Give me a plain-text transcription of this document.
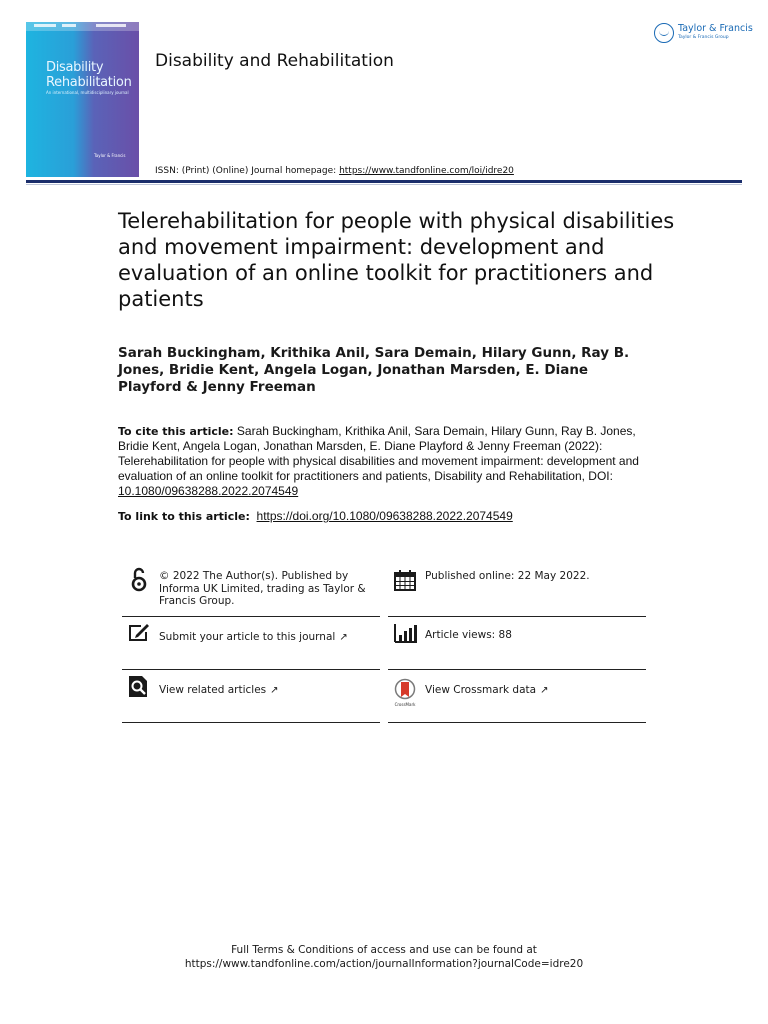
Disability
Rehabilitation
An international, multidisciplinary journal
Taylor & Francis
Disability and Rehabilitation
Taylor & Francis
Taylor & Francis Group
ISSN: (Print) (Online) Journal homepage: https://www.tandfonline.com/loi/idre20
Telerehabilitation for people with physical disabilities and movement impairment: development and evaluation of an online toolkit for practitioners and patients

Sarah Buckingham, Krithika Anil, Sara Demain, Hilary Gunn, Ray B. Jones, Bridie Kent, Angela Logan, Jonathan Marsden, E. Diane Playford & Jenny Freeman

To cite this article: Sarah Buckingham, Krithika Anil, Sara Demain, Hilary Gunn, Ray B. Jones, Bridie Kent, Angela Logan, Jonathan Marsden, E. Diane Playford & Jenny Freeman (2022): Telerehabilitation for people with physical disabilities and movement impairment: development and evaluation of an online toolkit for practitioners and patients, Disability and Rehabilitation, DOI: 10.1080/09638288.2022.2074549
To link to this article: https://doi.org/10.1080/09638288.2022.2074549
© 2022 The Author(s). Published by Informa UK Limited, trading as Taylor & Francis Group.
Published online: 22 May 2022.
Submit your article to this journal ↗	Article views: 88
View related articles ↗
CrossMark
View Crossmark data ↗
Full Terms & Conditions of access and use can be found at
https://www.tandfonline.com/action/journalInformation?journalCode=idre20
